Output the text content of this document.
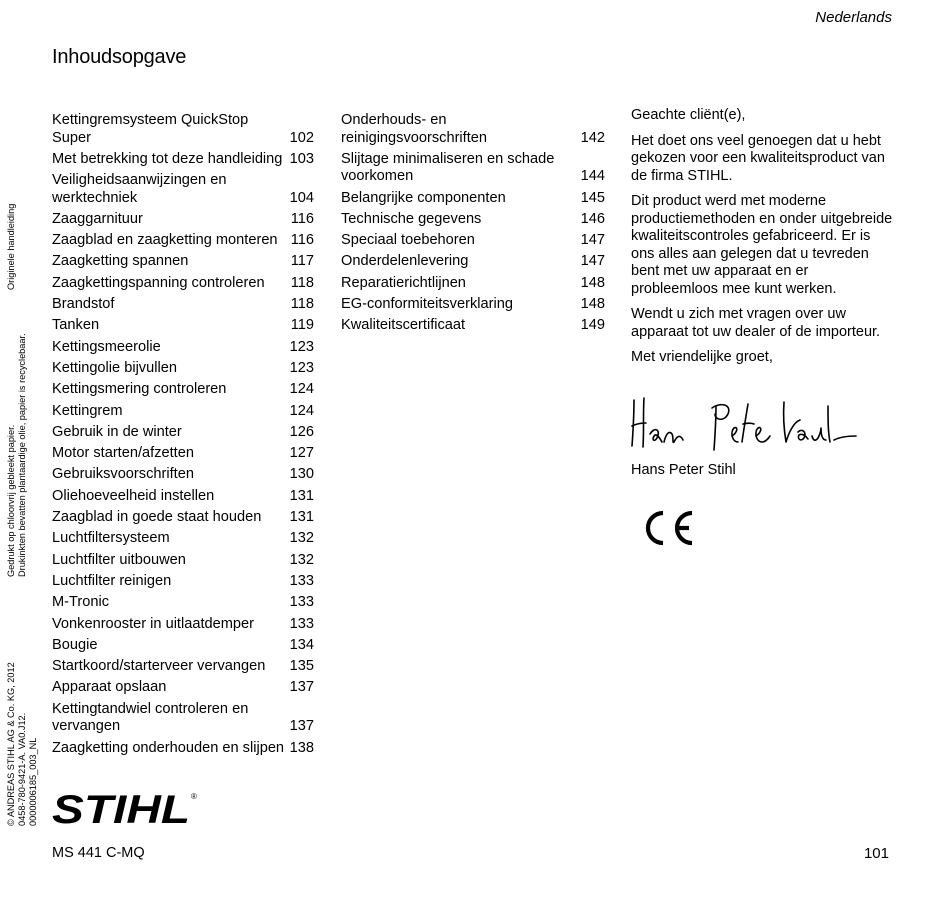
Nederlands
Inhoudsopgave
Kettingremsysteem QuickStop Super	102
Met betrekking tot deze handleiding 103
Veiligheidsaanwijzingen en werktechniek	104
Zaaggarnituur	116
Zaagblad en zaagketting monteren 116
Zaagketting spannen	117
Zaagkettingspanning controleren	118
Brandstof	118
Tanken	119
Kettingsmeerolie	123
Kettingolie bijvullen	123
Kettingsmering controleren	124
Kettingrem	124
Gebruik in de winter	126
Motor starten/afzetten	127
Gebruiksvoorschriften	130
Oliehoeveelheid instellen	131
Zaagblad in goede staat houden	131
Luchtfiltersysteem	132
Luchtfilter uitbouwen	132
Luchtfilter reinigen	133
M-Tronic	133
Vonkenrooster in uitlaatdemper	133
Bougie	134
Startkoord/starterveer vervangen	135
Apparaat opslaan	137
Kettingtandwiel controleren en vervangen	137
Zaagketting onderhouden en slijpen 138
Onderhouds- en reinigingsvoorschriften	142
Slijtage minimaliseren en schade voorkomen	144
Belangrijke componenten	145
Technische gegevens	146
Speciaal toebehoren	147
Onderdelenlevering	147
Reparatierichtlijnen	148
EG-conformiteitsverklaring	148
Kwaliteitscertificaat	149

Geachte cliënt(e),

Het doet ons veel genoegen dat u hebt gekozen voor een kwaliteitsproduct van de firma STIHL.

Dit product werd met moderne productiemethoden en onder uitgebreide kwaliteitscontroles gefabriceerd. Er is ons alles aan gelegen dat u tevreden bent met uw apparaat en er probleemloos mee kunt werken.

Wendt u zich met vragen over uw apparaat tot uw dealer of de importeur.

Met vriendelijke groet,

Hans Peter Stihl

Originele handleiding
Gedrukt op chloorvrij gebleekt papier.
Drukinkten bevatten plantaardige olie, papier is recyclebaar.
© ANDREAS STIHL AG & Co. KG, 2012
0458-780-9421-A. VA0.J12.
0000006185_003_NL STIHL ®
MS 441 C-MQ	101
